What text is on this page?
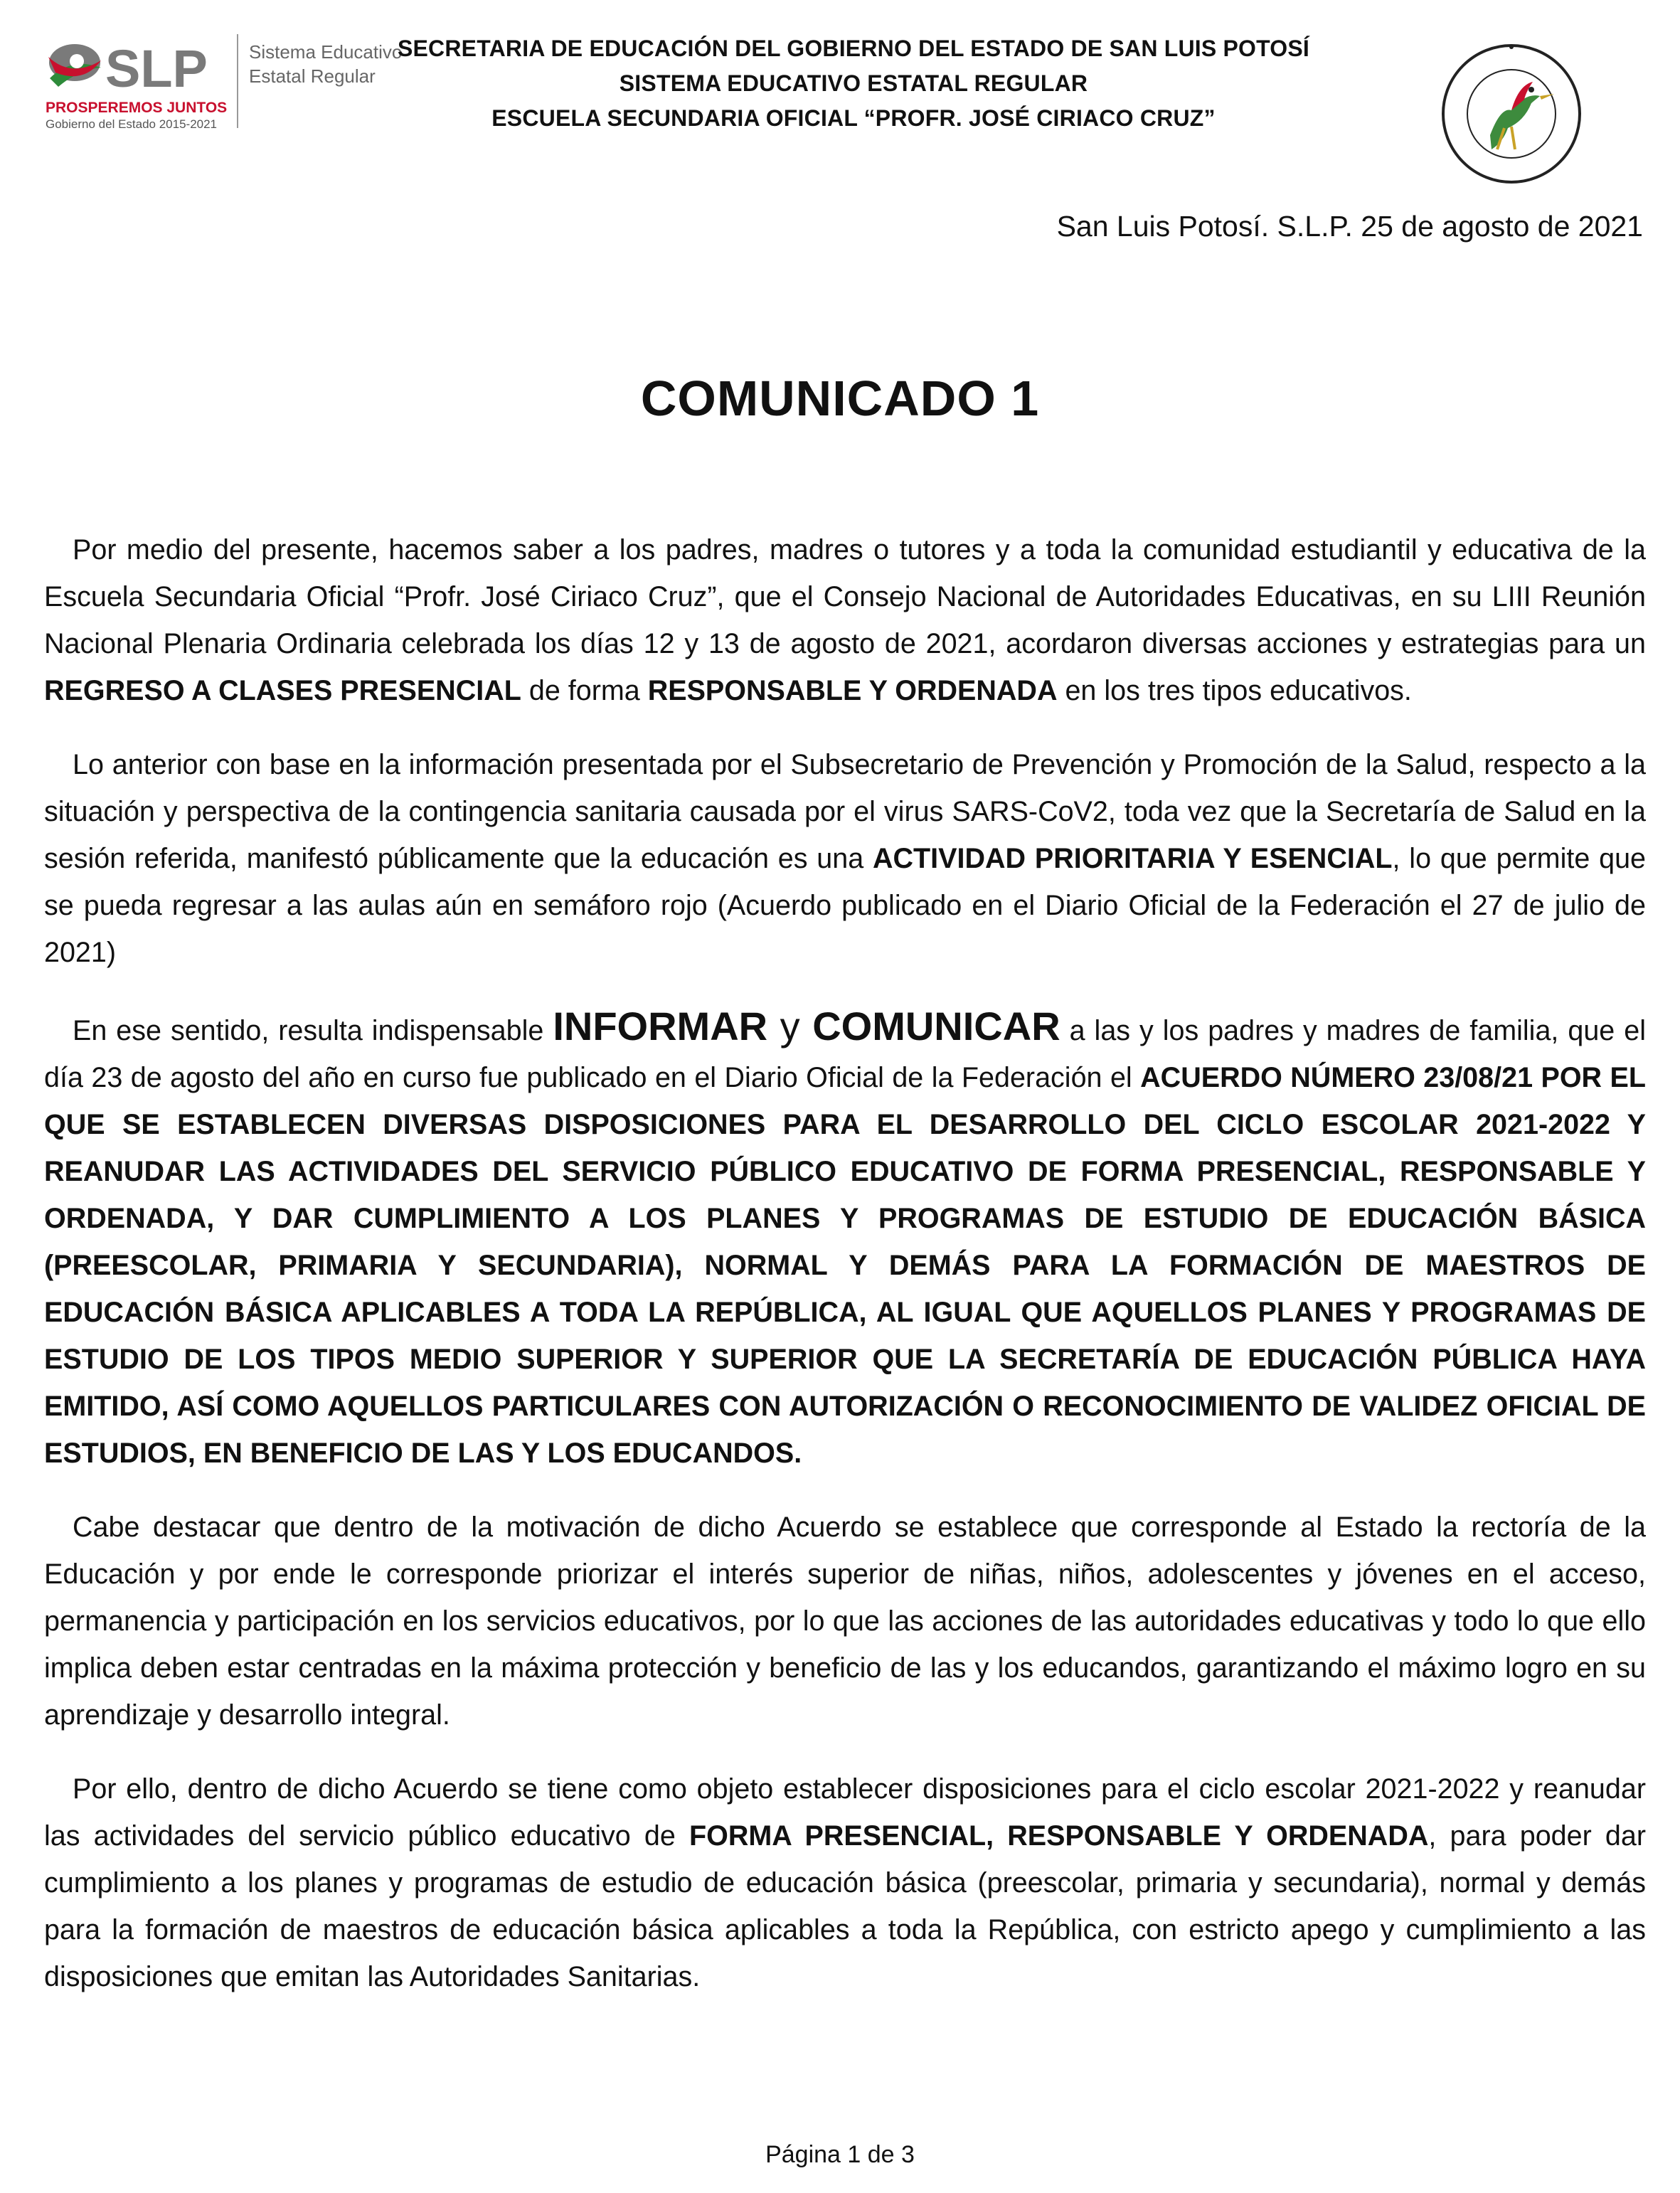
SLP
PROSPEREMOS JUNTOS
Gobierno del Estado 2015-2021
Sistema Educativo
Estatal Regular
SECRETARIA DE EDUCACIÓN DEL GOBIERNO DEL ESTADO DE SAN LUIS POTOSÍ
SISTEMA EDUCATIVO ESTATAL REGULAR
ESCUELA SECUNDARIA OFICIAL “PROFR. JOSÉ CIRIACO CRUZ”
San Luis Potosí. S.L.P. 25 de agosto de 2021
COMUNICADO 1

Por medio del presente, hacemos saber a los padres, madres o tutores y a toda la comunidad estudiantil y educativa de la Escuela Secundaria Oficial “Profr. José Ciriaco Cruz”, que el Consejo Nacional de Autoridades Educativas, en su LIII Reunión Nacional Plenaria Ordinaria celebrada los días 12 y 13 de agosto de 2021, acordaron diversas acciones y estrategias para un REGRESO A CLASES PRESENCIAL de forma RESPONSABLE Y ORDENADA en los tres tipos educativos.

Lo anterior con base en la información presentada por el Subsecretario de Prevención y Promoción de la Salud, respecto a la situación y perspectiva de la contingencia sanitaria causada por el virus SARS-CoV2, toda vez que la Secretaría de Salud en la sesión referida, manifestó públicamente que la educación es una ACTIVIDAD PRIORITARIA Y ESENCIAL, lo que permite que se pueda regresar a las aulas aún en semáforo rojo (Acuerdo publicado en el Diario Oficial de la Federación el 27 de julio de 2021)

En ese sentido, resulta indispensable INFORMAR y COMUNICAR a las y los padres y madres de familia, que el día 23 de agosto del año en curso fue publicado en el Diario Oficial de la Federación el ACUERDO NÚMERO 23/08/21 POR EL QUE SE ESTABLECEN DIVERSAS DISPOSICIONES PARA EL DESARROLLO DEL CICLO ESCOLAR 2021-2022 Y REANUDAR LAS ACTIVIDADES DEL SERVICIO PÚBLICO EDUCATIVO DE FORMA PRESENCIAL, RESPONSABLE Y ORDENADA, Y DAR CUMPLIMIENTO A LOS PLANES Y PROGRAMAS DE ESTUDIO DE EDUCACIÓN BÁSICA (PREESCOLAR, PRIMARIA Y SECUNDARIA), NORMAL Y DEMÁS PARA LA FORMACIÓN DE MAESTROS DE EDUCACIÓN BÁSICA APLICABLES A TODA LA REPÚBLICA, AL IGUAL QUE AQUELLOS PLANES Y PROGRAMAS DE ESTUDIO DE LOS TIPOS MEDIO SUPERIOR Y SUPERIOR QUE LA SECRETARÍA DE EDUCACIÓN PÚBLICA HAYA EMITIDO, ASÍ COMO AQUELLOS PARTICULARES CON AUTORIZACIÓN O RECONOCIMIENTO DE VALIDEZ OFICIAL DE ESTUDIOS, EN BENEFICIO DE LAS Y LOS EDUCANDOS.

Cabe destacar que dentro de la motivación de dicho Acuerdo se establece que corresponde al Estado la rectoría de la Educación y por ende le corresponde priorizar el interés superior de niñas, niños, adolescentes y jóvenes en el acceso, permanencia y participación en los servicios educativos, por lo que las acciones de las autoridades educativas y todo lo que ello implica deben estar centradas en la máxima protección y beneficio de las y los educandos, garantizando el máximo logro en su aprendizaje y desarrollo integral.

Por ello, dentro de dicho Acuerdo se tiene como objeto establecer disposiciones para el ciclo escolar 2021-2022 y reanudar las actividades del servicio público educativo de FORMA PRESENCIAL, RESPONSABLE Y ORDENADA, para poder dar cumplimiento a los planes y programas de estudio de educación básica (preescolar, primaria y secundaria), normal y demás para la formación de maestros de educación básica aplicables a toda la República, con estricto apego y cumplimiento a las disposiciones que emitan las Autoridades Sanitarias.

Página 1 de 3
